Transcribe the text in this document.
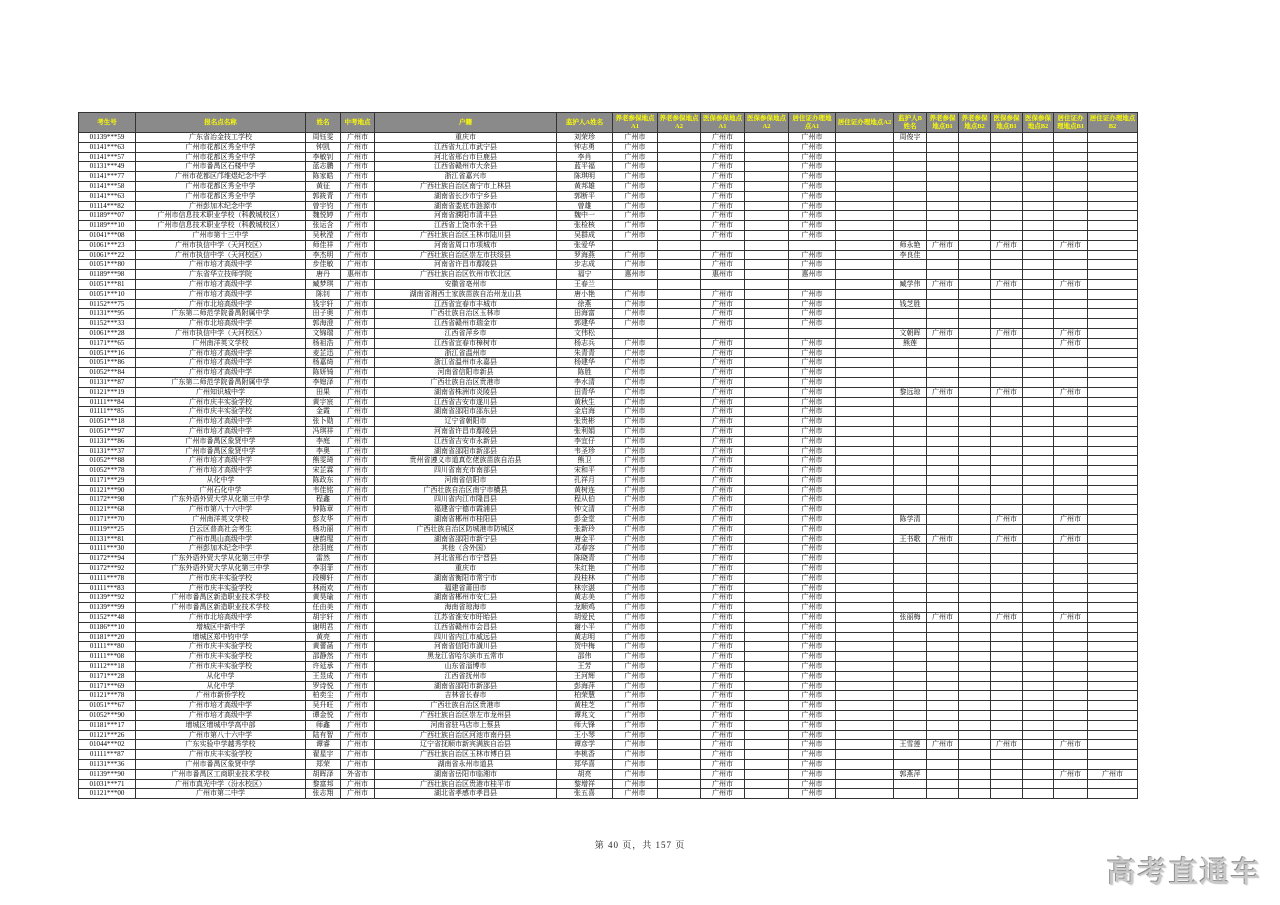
考生号	报名点名称	姓名	中考地点	户籍	监护人A姓名	养老参保地点A1	养老参保地点A2	医保参保地点A1	医保参保地点A2	居住证办理地点A1	居住证办理地点A2	监护人B姓名	养老参保地点B1	养老参保地点B2	医保参保地点B1	医保参保地点B2	居住证办理地点B1	居住证办理地点B2
01139***59	广东省冶金技工学校	周钰雯	广州市	重庆市	刘荣珍	广州市		广州市		广州市		周俊宇						
01141***63	广州市花都区秀全中学	钟凯	广州市	江西省九江市武宁县	钟志勇	广州市		广州市		广州市								
01141***57	广州市花都区秀全中学	李敏钊	广州市	河北省邢台市巨鹿县	李肖	广州市		广州市		广州市								
01131***49	广州市番禺区石楼中学	蓝志鹏	广州市	江西省赣州市大余县	蓝平福	广州市		广州市		广州市								
01141***77	广州市花都区邝维煜纪念中学	陈家皓	广州市	浙江省嘉兴市	陈琪明	广州市		广州市		广州市								
01141***58	广州市花都区秀全中学	黄征	广州市	广西壮族自治区南宁市上林县	黄邦雄	广州市		广州市		广州市								
01141***63	广州市花都区秀全中学	郭筱青	广州市	湖南省长沙市宁乡县	郭断平	广州市		广州市		广州市								
01114***82	广州彭加木纪念中学	曾宇钧	广州市	湖南省娄底市涟源市	曾雄	广州市		广州市		广州市								
01189***07	广州市信息技术职业学校（科教城校区）	魏悦婷	广州市	河南省濮阳市清丰县	魏中一	广州市		广州市		广州市								
01189***10	广州市信息技术职业学校（科教城校区）	张运含	广州市	江西省上饶市余干县	张检核	广州市		广州市		广州市								
01041***08	广州市第十三中学	吴秋滢	广州市	广西壮族自治区玉林市陆川县	吴群成	广州市		广州市		广州市								
01061***23	广州市执信中学（天河校区）	师佳祥	广州市	河南省周口市项城市	张爱华							师永艳	广州市		广州市		广州市	
01061***22	广州市执信中学（天河校区）	李杰明	广州市	广西壮族自治区崇左市扶绥县	罗海燕	广州市		广州市		广州市		李良佳						
01051***80	广州市培才高级中学	步佳敏	广州市	河南省许昌市鄢陵县	步志成	广州市		广州市		广州市								
01189***98	广东省华立技师学院	唐丹	惠州市	广西壮族自治区钦州市钦北区	福宁	惠州市		惠州市		惠州市								
01051***81	广州市培才高级中学	臧梦琪	广州市	安徽省亳州市	王春兰							臧学伟	广州市		广州市		广州市	
01051***10	广州市培才高级中学	陈钊	广州市	湖南省湘西土家族苗族自治州龙山县	唐小艳	广州市		广州市		广州市								
01152***75	广州市北培高级中学	钱宇轩	广州市	江西省宜春市丰城市	徐燕	广州市		广州市		广州市		钱芝胜						
01131***95	广东第二师范学院番禺附属中学	田子奥	广州市	广西壮族自治区玉林市	田海富	广州市		广州市		广州市								
01152***33	广州市北培高级中学	郭海澄	广州市	江西省赣州市瑞金市	郭建华	广州市		广州市		广州市								
01061***28	广州市执信中学（天河校区）	文锦瑞	广州市	江西省萍乡市	文伟松							文朝晖	广州市		广州市		广州市	
01171***65	广州南洋英文学校	杨祖浩	广州市	江西省宜春市樟树市	杨志兵	广州市		广州市		广州市		熊莲					广州市	
01051***16	广州市培才高级中学	麦芷迅	广州市	浙江省温州市	朱青青	广州市		广州市		广州市								
01051***86	广州市培才高级中学	杨嘉绮	广州市	浙江省温州市永嘉县	杨建华	广州市		广州市		广州市								
01052***84	广州市培才高级中学	陈妍锜	广州市	河南省信阳市新县	陈胜	广州市		广州市		广州市								
01131***87	广东第二师范学院番禺附属中学	李媳泽	广州市	广西壮族自治区贵港市	李水清	广州市		广州市		广州市								
01121***19	广州知识城中学	田果	广州市	湖南省株洲市炎陵县	田青华	广州市		广州市		广州市		黎远琼	广州市		广州市		广州市	
01111***84	广州市庆丰实验学校	黄宇宸	广州市	江西省吉安市遂川县	黄秋生	广州市		广州市		广州市								
01111***85	广州市庆丰实验学校	金霞	广州市	湖南省邵阳市邵东县	金启海	广州市		广州市		广州市								
01051***18	广州市培才高级中学	张卜勋	广州市	辽宁省朝阳市	张贵彬	广州市		广州市		广州市								
01051***97	广州市培才高级中学	冯琪祥	广州市	河南省许昌市鄢陵县	张利娟	广州市		广州市		广州市								
01131***86	广州市番禺区象贤中学	李庭	广州市	江西省吉安市永新县	李宜仔	广州市		广州市		广州市								
01131***37	广州市番禺区象贤中学	李奥	广州市	湖南省邵阳市新邵县	韦圣珍	广州市		广州市		广州市								
01052***88	广州市培才高级中学	熊雯琦	广州市	贵州省遵义市道真仡佬族苗族自治县	熊卫	广州市		广州市		广州市								
01052***78	广州市培才高级中学	宋芷霖	广州市	四川省南充市南部县	宋和平	广州市		广州市		广州市								
01171***29	从化中学	陈政东	广州市	河南省信阳市	孔祥月	广州市		广州市		广州市								
01121***90	广州石化中学	韦佳铭	广州市	广西壮族自治区南宁市横县	黄树连	广州市		广州市		广州市								
01172***98	广东外语外贸大学从化第三中学	程鑫	广州市	四川省内江市隆昌县	程从伯	广州市		广州市		广州市								
01121***68	广州市第八十六中学	钟陈章	广州市	福建省宁德市霞浦县	钟文清	广州市		广州市		广州市								
01171***70	广州南洋英文学校	彭友华	广州市	湖南省郴州市桂阳县	彭金堂	广州市		广州市		广州市		陈学清			广州市		广州市	
01119***25	白云区普高社会考生	杨功丽	广州市	广西壮族自治区防城港市防城区	张新玲	广州市		广州市		广州市								
01131***81	广州市禺山高级中学	唐韵瑆	广州市	湖南省邵阳市新宁县	唐金平	广州市		广州市		广州市		王书歌	广州市		广州市		广州市	
01111***30	广州彭加木纪念中学	徐羽庭	广州市	其他（含外国）	邓春容	广州市		广州市		广州市								
01172***94	广东外语外贸大学从化第三中学	雷然	广州市	河北省邢台市宁晋县	陈晓青	广州市		广州市		广州市								
01172***92	广东外语外贸大学从化第三中学	李羽菲	广州市	重庆市	朱红艳	广州市		广州市		广州市								
01111***78	广州市庆丰实验学校	段柳轩	广州市	湖南省衡阳市常宁市	段桂林	广州市		广州市		广州市								
01111***83	广州市庆丰实验学校	林雨欢	广州市	福建省莆田市	林宗湛	广州市		广州市		广州市								
01139***92	广州市番禺区新造职业技术学校	黄昊瑜	广州市	湖南省郴州市安仁县	黄志美	广州市		广州市		广州市								
01139***99	广州市番禺区新造职业技术学校	任由美	广州市	海南省琼海市	龙顺鸡	广州市		广州市		广州市								
01152***48	广州市北培高级中学	胡宇轩	广州市	江苏省淮安市盱眙县	胡爱民	广州市		广州市		广州市		张丽梅	广州市		广州市		广州市	
01186***10	增城区中新中学	谢明君	广州市	江西省赣州市会昌县	谢小平	广州市		广州市		广州市								
01181***20	增城区郑中钧中学	黄亮	广州市	四川省内江市威远县	黄志明	广州市		广州市		广州市								
01111***80	广州市庆丰实验学校	黄蕾菡	广州市	河南省信阳市潢川县	贺中梅	广州市		广州市		广州市								
01111***08	广州市庆丰实验学校	邵静然	广州市	黑龙江省哈尔滨市五常市	邵伟	广州市		广州市		广州市								
01112***18	广州市庆丰实验学校	许延承	广州市	山东省淄博市	王芳	广州市		广州市		广州市								
01171***28	从化中学	王昱成	广州市	江西省抚州市	王河辉	广州市		广州市		广州市								
01171***69	从化中学	罗诗悦	广州市	湖南省邵阳市新邵县	彭海萍	广州市		广州市		广州市								
01121***78	广州市新侨学校	柏奕尘	广州市	吉林省长春市	柏荣慧	广州市		广州市		广州市								
01051***67	广州市培才高级中学	吴升旺	广州市	广西壮族自治区贵港市	黄桂芝	广州市		广州市		广州市								
01052***90	广州市培才高级中学	谭金悦	广州市	广西壮族自治区崇左市龙州县	谭兆文	广州市		广州市		广州市								
01181***17	增城区增城中学高中部	师鑫	广州市	河南省驻马店市上蔡县	师大锋	广州市		广州市		广州市								
01121***26	广州市第八十六中学	陆有智	广州市	广西壮族自治区河池市南丹县	王小琴	广州市		广州市		广州市								
01044***02	广东实验中学越秀学校	谭睿	广州市	辽宁省抚顺市新宾满族自治县	谭彦学	广州市		广州市		广州市		王雪莲	广州市		广州市		广州市	
01111***87	广州市庆丰实验学校	翟星宇	广州市	广西壮族自治区玉林市博白县	李桃香	广州市		广州市		广州市								
01131***36	广州市番禺区象贤中学	郑荣	广州市	湖南省永州市道县	郑华喜	广州市		广州市		广州市								
01139***90	广州市番禺区工商职业技术学校	胡晖泽	外省市	湖南省岳阳市临湘市	胡亮	广州市		广州市		广州市		郭燕萍					广州市	广州市
01031***71	广州市真光中学（汾水校区）	黎富邦	广州市	广西壮族自治区贵港市桂平市	黎增祥	广州市		广州市		广州市								
01121***00	广州市第二中学	张志翔	广州市	湖北省孝感市孝昌县	张五喜	广州市		广州市		广州市								
第 40 页，共 157 页
高考直通车
